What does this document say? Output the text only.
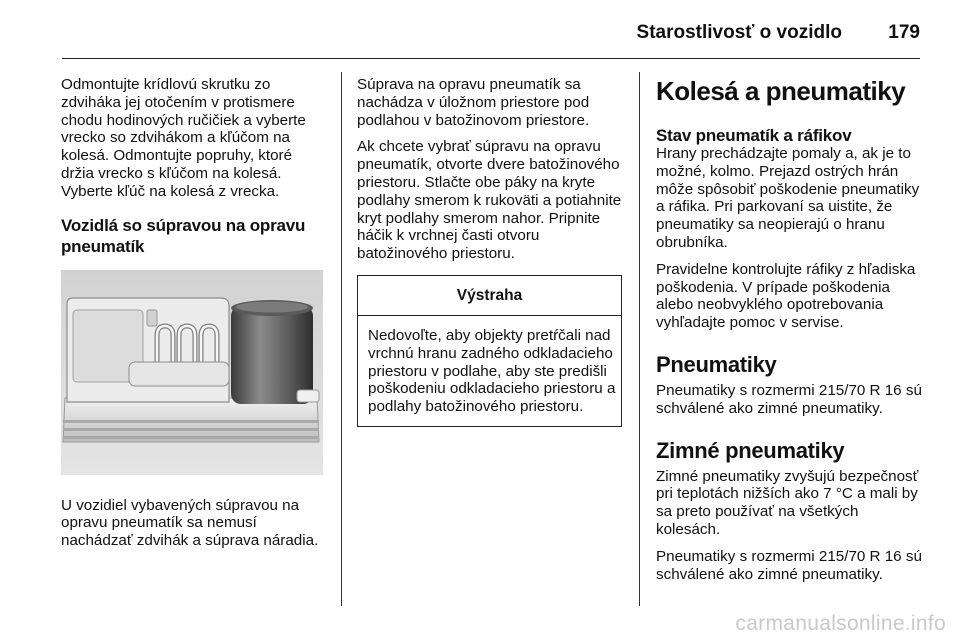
Starostlivosť o vozidlo 179

Odmontujte krídlovú skrutku zo zdviháka jej otočením v protismere chodu hodinových ručičiek a vyberte vrecko so zdvihákom a kľúčom na kolesá. Odmontujte popruhy, ktoré držia vrecko s kľúčom na kolesá. Vyberte kľúč na kolesá z vrecka.

Vozidlá so súpravou na opravu pneumatík

U vozidiel vybavených súpravou na opravu pneumatík sa nemusí nachádzať zdvihák a súprava náradia.

Súprava na opravu pneumatík sa nachádza v úložnom priestore pod podlahou v batožinovom priestore.

Ak chcete vybrať súpravu na opravu pneumatík, otvorte dvere batožinového priestoru. Stlačte obe páky na kryte podlahy smerom k rukoväti a potiahnite kryt podlahy smerom nahor. Pripnite háčik k vrchnej časti otvoru batožinového priestoru.

Výstraha
Nedovoľte, aby objekty pretŕčali nad vrchnú hranu zadného odkladacieho priestoru v podlahe, aby ste predišli poškodeniu odkladacieho priestoru a podlahy batožinového priestoru.
Kolesá a pneumatiky
Stav pneumatík a ráfikov

Hrany prechádzajte pomaly a, ak je to možné, kolmo. Prejazd ostrých hrán môže spôsobiť poškodenie pneumatiky a ráfika. Pri parkovaní sa uistite, že pneumatiky sa neopierajú o hranu obrubníka.

Pravidelne kontrolujte ráfiky z hľadiska poškodenia. V prípade poškodenia alebo neobvyklého opotrebovania vyhľadajte pomoc v servise.

Pneumatiky

Pneumatiky s rozmermi 215/70 R 16 sú schválené ako zimné pneumatiky.

Zimné pneumatiky

Zimné pneumatiky zvyšujú bezpečnosť pri teplotách nižších ako 7 °C a mali by sa preto používať na všetkých kolesách.

Pneumatiky s rozmermi 215/70 R 16 sú schválené ako zimné pneumatiky.

carmanualsonline.info
